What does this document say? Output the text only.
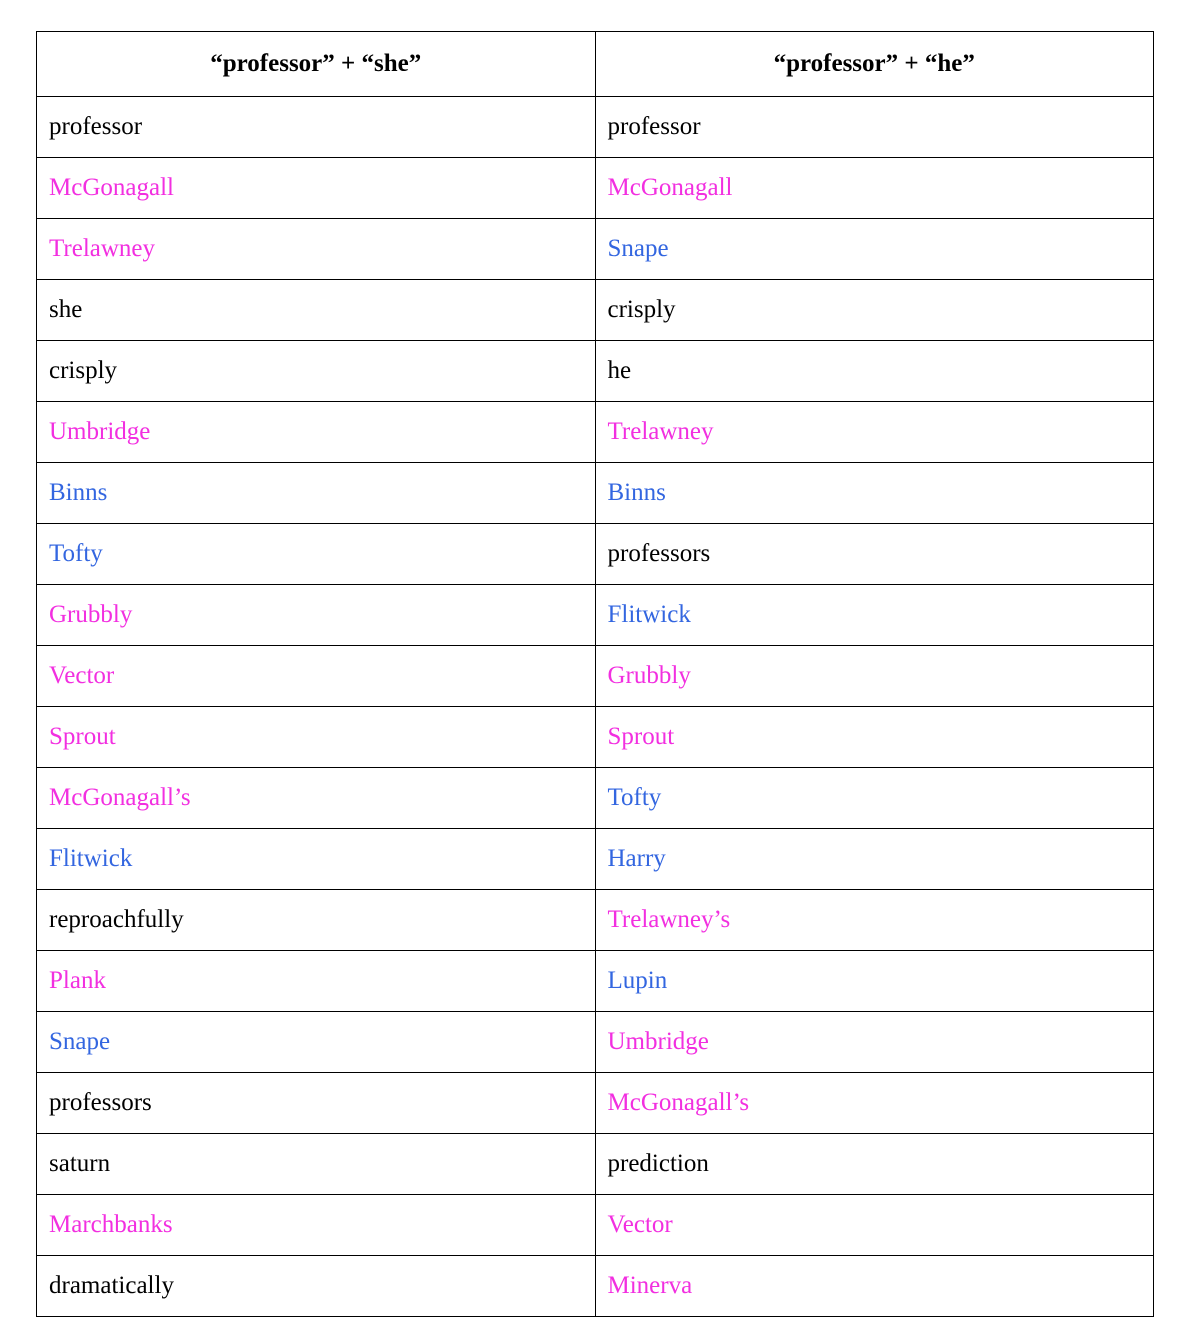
“professor” + “she”	“professor” + “he”
professor	professor
McGonagall	McGonagall
Trelawney	Snape
she	crisply
crisply	he
Umbridge	Trelawney
Binns	Binns
Tofty	professors
Grubbly	Flitwick
Vector	Grubbly
Sprout	Sprout
McGonagall’s	Tofty
Flitwick	Harry
reproachfully	Trelawney’s
Plank	Lupin
Snape	Umbridge
professors	McGonagall’s
saturn	prediction
Marchbanks	Vector
dramatically	Minerva
